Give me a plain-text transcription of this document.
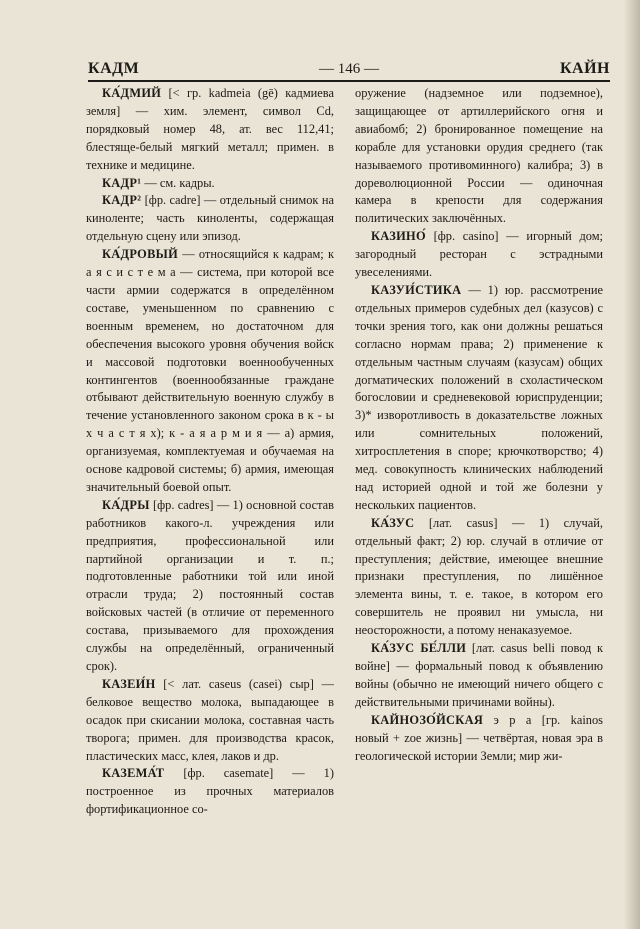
КАДМ	— 146 —	КАЙН

КА́ДМИЙ [< гр. kadmeia (gē) кадмиева земля] — хим. элемент, символ Cd, порядковый номер 48, ат. вес 112,41; блестяще-белый мягкий металл; примен. в технике и медицине.

КАДР¹ — см. кадры.

КАДР² [фр. cadre] — отдельный снимок на киноленте; часть киноленты, содержащая отдельную сцену или эпизод.

КА́ДРОВЫЙ — относящийся к кадрам; к а я с и с т е м а — система, при которой все части армии содержатся в определённом составе, уменьшенном по сравнению с военным временем, но достаточном для обеспечения высокого уровня обучения войск и массовой подготовки военнообученных контингентов (военнообязанные граждане отбывают действительную военную службу в течение установленного законом срока в к - ы х ч а с т я х); к - а я а р м и я — а) армия, организуемая, комплектуемая и обучаемая на основе кадровой системы; б) армия, имеющая значительный боевой опыт.

КА́ДРЫ [фр. cadres] — 1) основной состав работников какого-л. учреждения или предприятия, профессиональной или партийной организации и т. п.; подготовленные работники той или иной отрасли труда; 2) постоянный состав войсковых частей (в отличие от переменного состава, призываемого для прохождения службы на определённый, ограниченный срок).

КАЗЕИ́Н [< лат. caseus (casei) сыр] — белковое вещество молока, выпадающее в осадок при скисании молока, составная часть творога; примен. для производства красок, пластических масс, клея, лаков и др.

КАЗЕМА́Т [фр. casemate] — 1) построенное из прочных материалов фортификационное со-

оружение (надземное или подземное), защищающее от артиллерийского огня и авиабомб; 2) бронированное помещение на корабле для установки орудия среднего (так называемого противоминного) калибра; 3) в дореволюционной России — одиночная камера в крепости для содержания политических заключённых.

КАЗИНО́ [фр. casino] — игорный дом; загородный ресторан с эстрадными увеселениями.

КАЗУИ́СТИКА — 1) юр. рассмотрение отдельных примеров судебных дел (казусов) с точки зрения того, как они должны решаться согласно нормам права; 2) применение к отдельным частным случаям (казусам) общих догматических положений в схоластическом богословии и средневековой юриспруденции; 3)* изворотливость в доказательстве ложных или сомнительных положений, хитросплетения в споре; крючкотворство; 4) мед. совокупность клинических наблюдений над историей одной и той же болезни у нескольких пациентов.

КА́ЗУС [лат. casus] — 1) случай, отдельный факт; 2) юр. случай в отличие от преступления; действие, имеющее внешние признаки преступления, по лишённое элемента вины, т. е. такое, в котором его совершитель не проявил ни умысла, ни неосторожности, а потому ненаказуемое.

КА́ЗУС БЕ́ЛЛИ [лат. casus belli повод к войне] — формальный повод к объявлению войны (обычно не имеющий ничего общего с действительными причинами войны).

КАЙНОЗО́ЙСКАЯ э р а [гр. kainos новый + zoe жизнь] — четвёртая, новая эра в геологической истории Земли; мир жи-
